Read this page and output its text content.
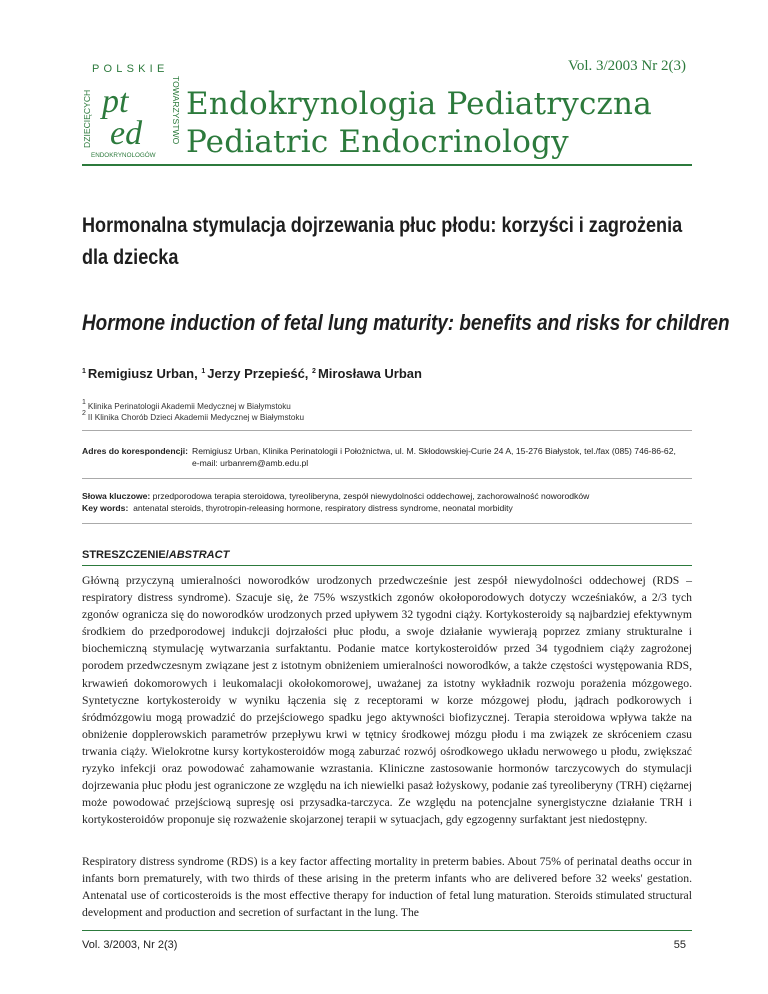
POLSKIE
DZIECIĘCYCH	TOWARZYSTWO
ENDOKRYNOLOGÓW
pt
ed
Vol. 3/2003 Nr 2(3)
Endokrynologia Pediatryczna
Pediatric Endocrinology
Hormonalna stymulacja dojrzewania płuc płodu: korzyści i zagrożenia dla dziecka
Hormone induction of fetal lung maturity: benefits and risks for children
$^1$ Remigiusz Urban, $^1$ Jerzy Przepieść, $^2$ Mirosława Urban
$^1$ Klinika Perinatologii Akademii Medycznej w Białymstoku
$^2$ II Klinika Chorób Dzieci Akademii Medycznej w Białymstoku
Adres do korespondencji: Remigiusz Urban, Klinika Perinatologii i Położnictwa, ul. M. Skłodowskiej-Curie 24 A, 15-276 Białystok, tel./fax (085) 746-86-62,
e-mail: urbanrem@amb.edu.pl
Słowa kluczowe: przedporodowa terapia steroidowa, tyreoliberyna, zespół niewydolności oddechowej, zachorowalność noworodków
Key words:  antenatal steroids, thyrotropin-releasing hormone, respiratory distress syndrome, neonatal morbidity
STRESZCZENIE/ABSTRACT
Główną przyczyną umieralności noworodków urodzonych przedwcześnie jest zespół niewydolności oddechowej (RDS – respiratory distress syndrome). Szacuje się, że 75% wszystkich zgonów okołoporodowych dotyczy wcześniaków, a 2/3 tych zgonów ogranicza się do noworodków urodzonych przed upływem 32 tygodni ciąży. Kortykosteroidy są najbardziej efektywnym środkiem do przedporodowej indukcji dojrzałości płuc płodu, a swoje działanie wywierają poprzez zmiany strukturalne i biochemiczną stymulację wytwarzania surfaktantu. Podanie matce kortykosteroidów przed 34 tygodniem ciąży zagrożonej porodem przedwczesnym związane jest z istotnym obniżeniem umieralności noworodków, a także częstości występowania RDS, krwawień dokomorowych i leukomalacji okołokomorowej, uważanej za istotny wykładnik rozwoju porażenia mózgowego. Syntetyczne kortykosteroidy w wyniku łączenia się z receptorami w korze mózgowej płodu, jądrach podkorowych i śródmózgowiu mogą prowadzić do przejściowego spadku jego aktywności biofizycznej. Terapia steroidowa wpływa także na obniżenie dopplerowskich parametrów przepływu krwi w tętnicy środkowej mózgu płodu i ma związek ze skróceniem czasu trwania ciąży. Wielokrotne kursy kortykosteroidów mogą zaburzać rozwój ośrodkowego układu nerwowego u płodu, zwiększać ryzyko infekcji oraz powodować zahamowanie wzrastania. Kliniczne zastosowanie hormonów tarczycowych do stymulacji dojrzewania płuc płodu jest ograniczone ze względu na ich niewielki pasaż łożyskowy, podanie zaś tyreoliberyny (TRH) ciężarnej może powodować przejściową supresję osi przysadka-tarczyca. Ze względu na potencjalne synergistyczne działanie TRH i kortykosteroidów proponuje się rozważenie skojarzonej terapii w sytuacjach, gdy egzogenny surfaktant jest niedostępny.
Respiratory distress syndrome (RDS) is a key factor affecting mortality in preterm babies. About 75% of perinatal deaths occur in infants born prematurely, with two thirds of these arising in the preterm infants who are delivered before 32 weeks' gestation. Antenatal use of corticosteroids is the most effective therapy for induction of fetal lung maturation. Steroids stimulated structural development and production and secretion of surfactant in the lung. The
Vol. 3/2003, Nr 2(3)	55
